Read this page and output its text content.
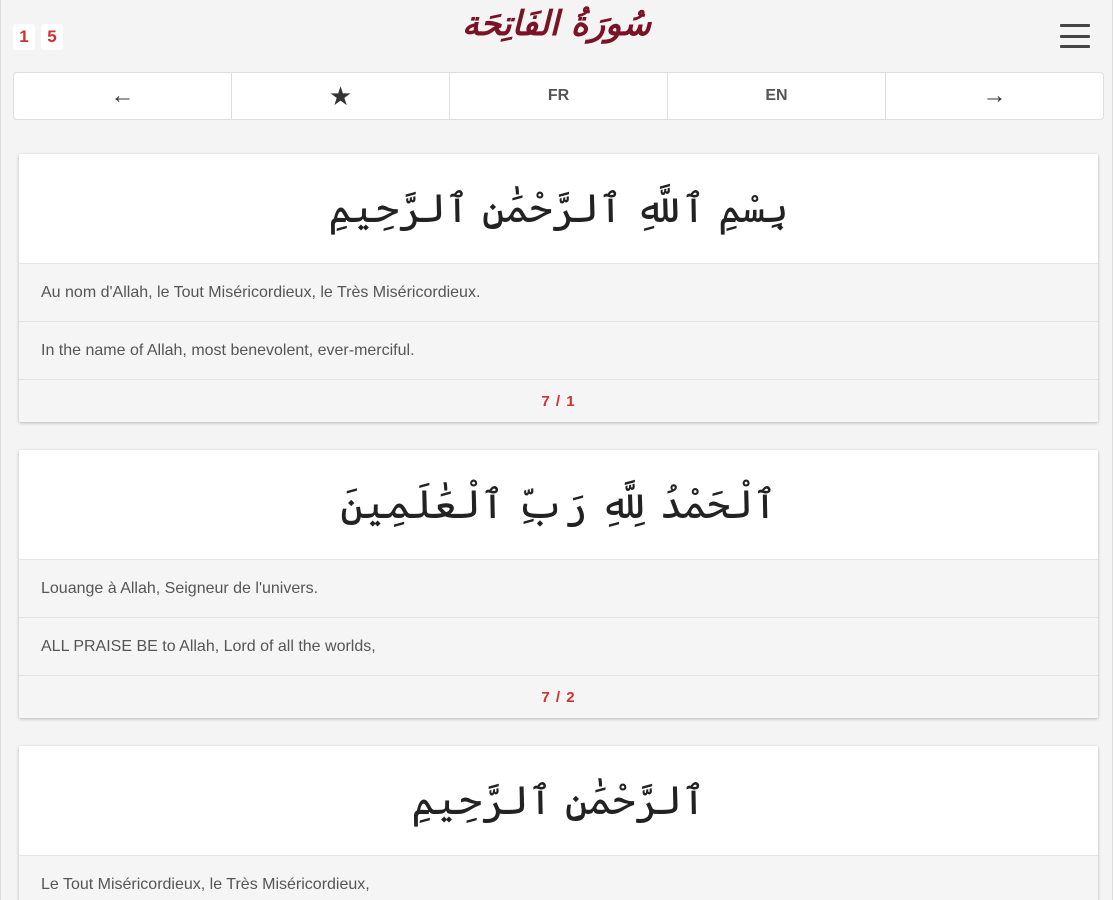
1	5	سُورَةُ الفَاتِحَة
←	★	FR	EN	→
بِسْمِ ٱللَّهِ ٱلرَّحْمَٰنِ ٱلرَّحِيمِ
Au nom d'Allah, le Tout Miséricordieux, le Très Miséricordieux.
In the name of Allah, most benevolent, ever-merciful.
7 / 1
ٱلْحَمْدُ لِلَّهِ رَبِّ ٱلْعَٰلَمِينَ
Louange à Allah, Seigneur de l'univers.
ALL PRAISE BE to Allah, Lord of all the worlds,
7 / 2
ٱلرَّحْمَٰنِ ٱلرَّحِيمِ
Le Tout Miséricordieux, le Très Miséricordieux,
